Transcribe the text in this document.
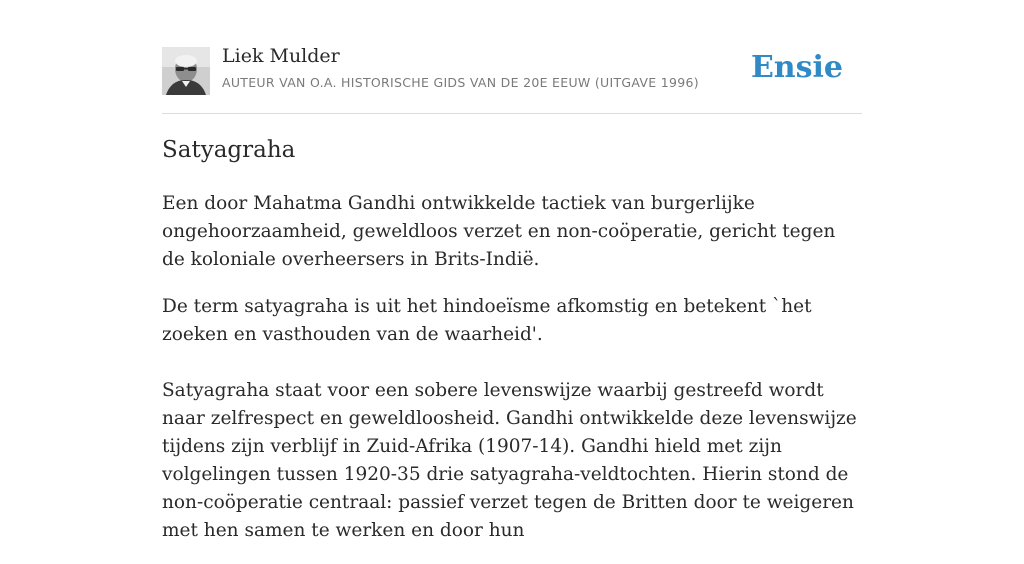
Liek Mulder
AUTEUR VAN O.A. HISTORISCHE GIDS VAN DE 20E EEUW (UITGAVE 1996) Ensie
Satyagraha

Een door Mahatma Gandhi ontwikkelde tactiek van burgerlijke ongehoorzaamheid, geweldloos verzet en non-coöperatie, gericht tegen de koloniale overheersers in Brits-Indië.

De term satyagraha is uit het hindoeïsme afkomstig en betekent `het zoeken en vasthouden van de waarheid'.

Satyagraha staat voor een sobere levenswijze waarbij gestreefd wordt naar zelfrespect en geweldloosheid. Gandhi ontwikkelde deze levenswijze tijdens zijn verblijf in Zuid-Afrika (1907-14). Gandhi hield met zijn volgelingen tussen 1920-35 drie satyagraha-veldtochten. Hierin stond de non-coöperatie centraal: passief verzet tegen de Britten door te weigeren met hen samen te werken en door hun
